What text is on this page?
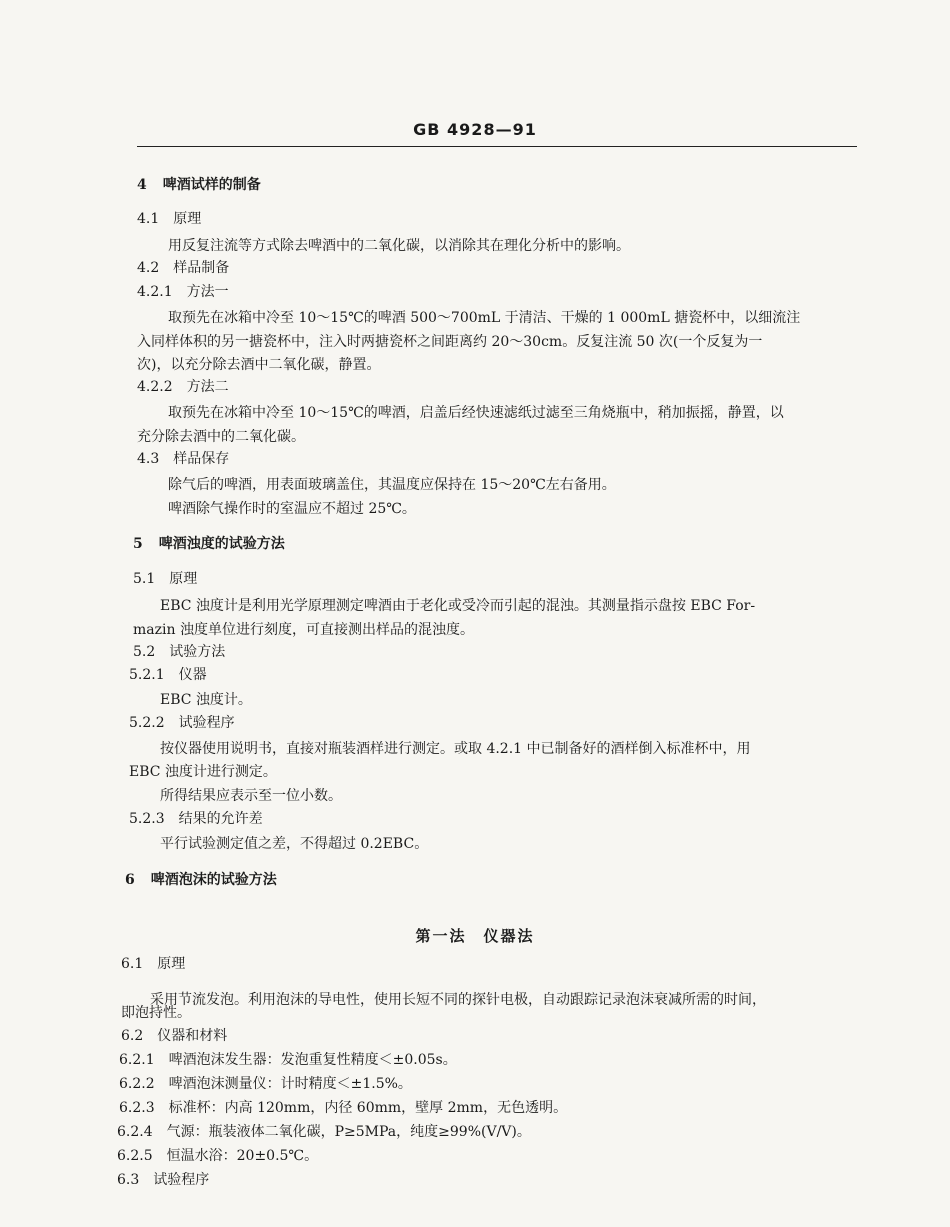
GB 4928—91
4 啤酒试样的制备
4.1 原理
用反复注流等方式除去啤酒中的二氧化碳，以消除其在理化分析中的影响。
4.2 样品制备
4.2.1 方法一
取预先在冰箱中冷至 10～15℃的啤酒 500～700mL 于清洁、干燥的 1 000mL 搪瓷杯中，以细流注
入同样体积的另一搪瓷杯中，注入时两搪瓷杯之间距离约 20～30cm。反复注流 50 次(一个反复为一
次)，以充分除去酒中二氧化碳，静置。
4.2.2 方法二
取预先在冰箱中冷至 10～15℃的啤酒，启盖后经快速滤纸过滤至三角烧瓶中，稍加振摇，静置，以
充分除去酒中的二氧化碳。
4.3 样品保存
除气后的啤酒，用表面玻璃盖住，其温度应保持在 15～20℃左右备用。
啤酒除气操作时的室温应不超过 25℃。
5 啤酒浊度的试验方法
5.1 原理
EBC 浊度计是利用光学原理测定啤酒由于老化或受冷而引起的混浊。其测量指示盘按 EBC For-
mazin 浊度单位进行刻度，可直接测出样品的混浊度。
5.2 试验方法
5.2.1 仪器
EBC 浊度计。
5.2.2 试验程序
按仪器使用说明书，直接对瓶装酒样进行测定。或取 4.2.1 中已制备好的酒样倒入标准杯中，用
EBC 浊度计进行测定。
所得结果应表示至一位小数。
5.2.3 结果的允许差
平行试验测定值之差，不得超过 0.2EBC。
6 啤酒泡沫的试验方法
第一法　仪器法
6.1 原理
采用节流发泡。利用泡沫的导电性，使用长短不同的探针电极，自动跟踪记录泡沫衰减所需的时间，
即泡持性。
6.2 仪器和材料
6.2.1 啤酒泡沫发生器：发泡重复性精度＜±0.05s。
6.2.2 啤酒泡沫测量仪：计时精度＜±1.5%。
6.2.3 标准杯：内高 120mm，内径 60mm，壁厚 2mm，无色透明。
6.2.4 气源：瓶装液体二氧化碳，P≥5MPa，纯度≥99%(V/V)。
6.2.5 恒温水浴：20±0.5℃。
6.3 试验程序
